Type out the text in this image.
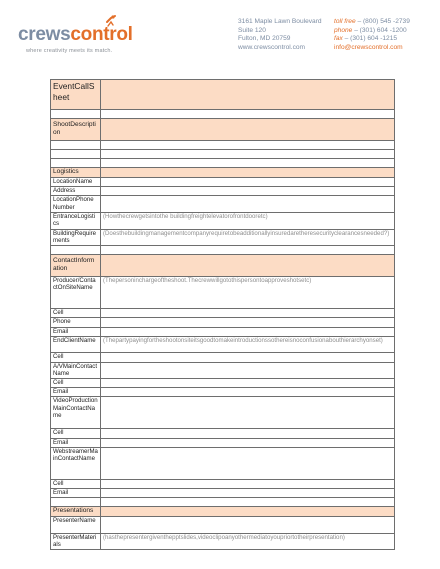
crewscontrol
where creativity meets its match.
3161 Maple Lawn Boulevard
Suite 120
Fulton, MD 20759
www.crewscontrol.com
toll free – (800) 545 -2739
phone – (301) 604 -1200
fax – (301) 604 -1215
info@crewscontrol.com
EventCallSheet	

ShootDescription	

Logistics	
LocationName	
Address	
LocationPhoneNumber	
EntranceLogistics	(Howthecrewgetsintothe buildingfreightelevatorofrontdooretc)
BuildingRequirements	(Doesthebuildingmanagementcompanyrequiretobeadditionallyinsuredaretheresecurityclearancesneeded?)

ContactInformation	
Producer/ContactOnSiteName	(Thepersoninchargeoftheshoot.Thecrewwillgotothispersontoapproveshotsetc)
Cell	
Phone	
Email	
EndClientName	(Thepartypayingfortheshootonsiteitsgoodtomakeintroductionssothereisnoconfusionabouthierarchyonset)
Cell	
A/VMainContactName	
Cell	
Email	
VideoProductionMainContactName	
Cell	
Email	
WebstreamerMainContactName	
Cell	
Email	

Presentations	
PresenterName	
PresenterMaterials	(hasthepresentergiventhepptslides,videoclipoanyothermediatoyoupriortotheirpresentation)
